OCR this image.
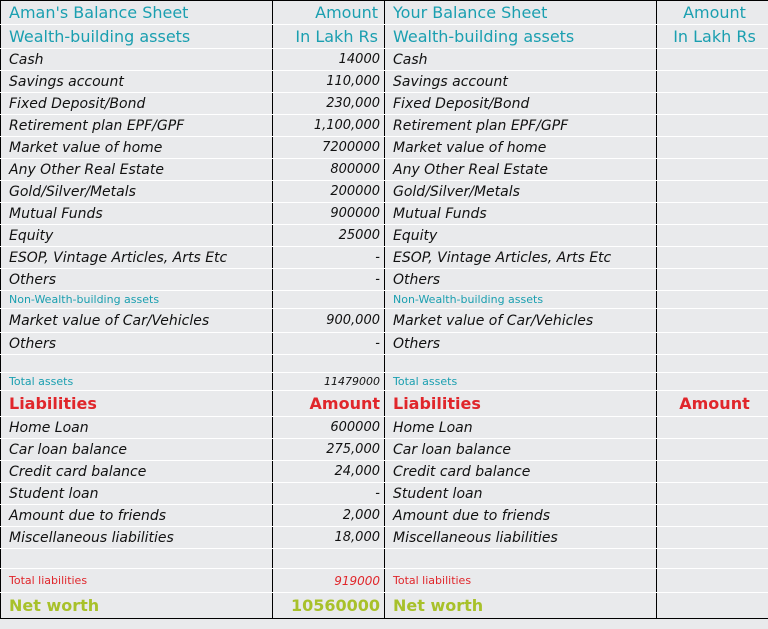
Aman's Balance Sheet	Amount	Your Balance Sheet	Amount
Wealth-building assets	In Lakh Rs	Wealth-building assets	In Lakh Rs
Cash	14000	Cash	
Savings account	110,000	Savings account	
Fixed Deposit/Bond	230,000	Fixed Deposit/Bond	
Retirement plan EPF/GPF	1,100,000	Retirement plan EPF/GPF	
Market value of home	7200000	Market value of home	
Any Other Real Estate	800000	Any Other Real Estate	
Gold/Silver/Metals	200000	Gold/Silver/Metals	
Mutual Funds	900000	Mutual Funds	
Equity	25000	Equity	
ESOP, Vintage Articles, Arts Etc	-	ESOP, Vintage Articles, Arts Etc	
Others	-	Others	
Non-Wealth-building assets		Non-Wealth-building assets	
Market value of Car/Vehicles	900,000	Market value of Car/Vehicles	
Others	-	Others	

Total assets	11479000	Total assets	
Liabilities	Amount	Liabilities	Amount
Home Loan	600000	Home Loan	
Car loan balance	275,000	Car loan balance	
Credit card balance	24,000	Credit card balance	
Student loan	-	Student loan	
Amount due to friends	2,000	Amount due to friends	
Miscellaneous liabilities	18,000	Miscellaneous liabilities	

Total liabilities	919000	Total liabilities	
Net worth	10560000	Net worth	
